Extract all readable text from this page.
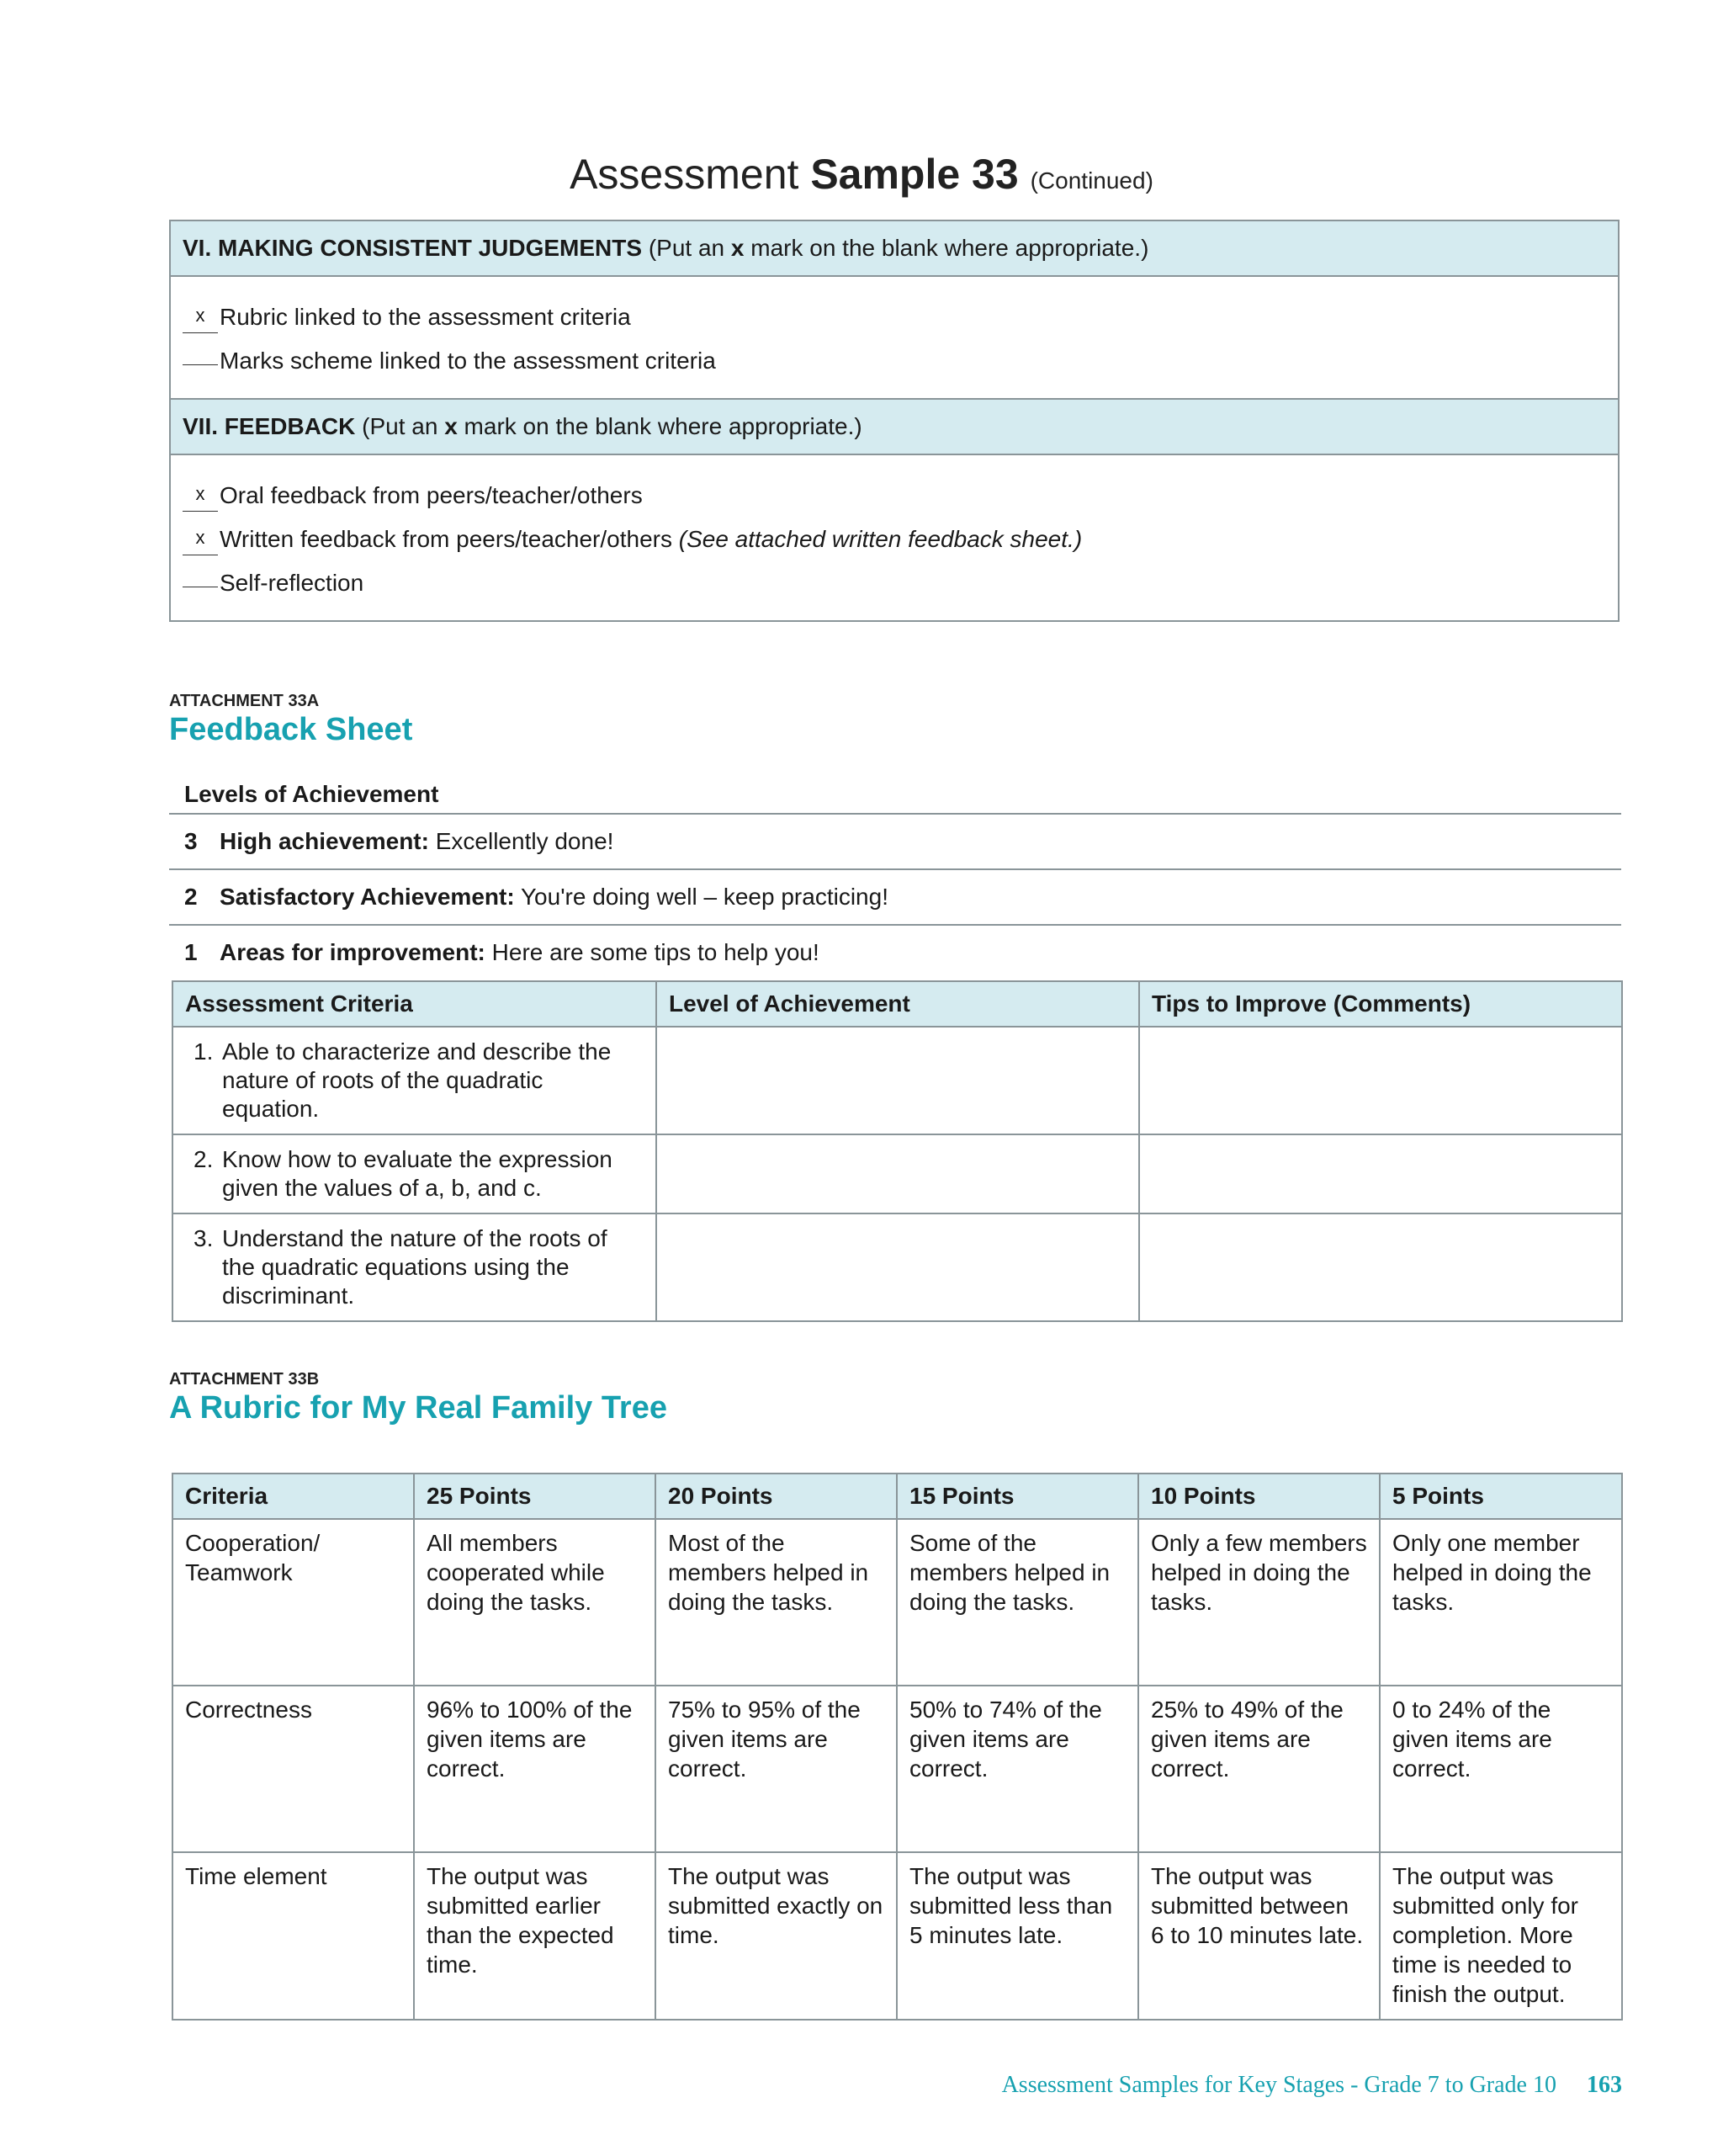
Assessment Sample 33 (Continued)
VI. MAKING CONSISTENT JUDGEMENTS (Put an x mark on the blank where appropriate.)
x Rubric linked to the assessment criteria
Marks scheme linked to the assessment criteria
VII. FEEDBACK (Put an x mark on the blank where appropriate.)
x Oral feedback from peers/teacher/others
x Written feedback from peers/teacher/others (See attached written feedback sheet.)
Self-reflection
ATTACHMENT 33A
Feedback Sheet
Levels of Achievement
3 High achievement: Excellently done!
2 Satisfactory Achievement: You're doing well – keep practicing!
1 Areas for improvement: Here are some tips to help you!
Assessment Criteria	Level of Achievement	Tips to Improve (Comments)

1. Able to characterize and describe the nature of roots of the quadratic equation.		

2. Know how to evaluate the expression given the values of a, b, and c.		

3. Understand the nature of the roots of the quadratic equations using the discriminant.		

ATTACHMENT 33B
A Rubric for My Real Family Tree
Criteria	25 Points	20 Points	15 Points	10 Points	5 Points
Cooperation/ Teamwork	All members cooperated while doing the tasks.	Most of the members helped in doing the tasks.	Some of the members helped in doing the tasks.	Only a few members helped in doing the tasks.	Only one member helped in doing the tasks.
Correctness	96% to 100% of the given items are correct.	75% to 95% of the given items are correct.	50% to 74% of the given items are correct.	25% to 49% of the given items are correct.	0 to 24% of the given items are correct.
Time element	The output was submitted earlier than the expected time.	The output was submitted exactly on time.	The output was submitted less than 5 minutes late.	The output was submitted between 6 to 10 minutes late.	The output was submitted only for completion. More time is needed to finish the output.
Assessment Samples for Key Stages - Grade 7 to Grade 10 163
